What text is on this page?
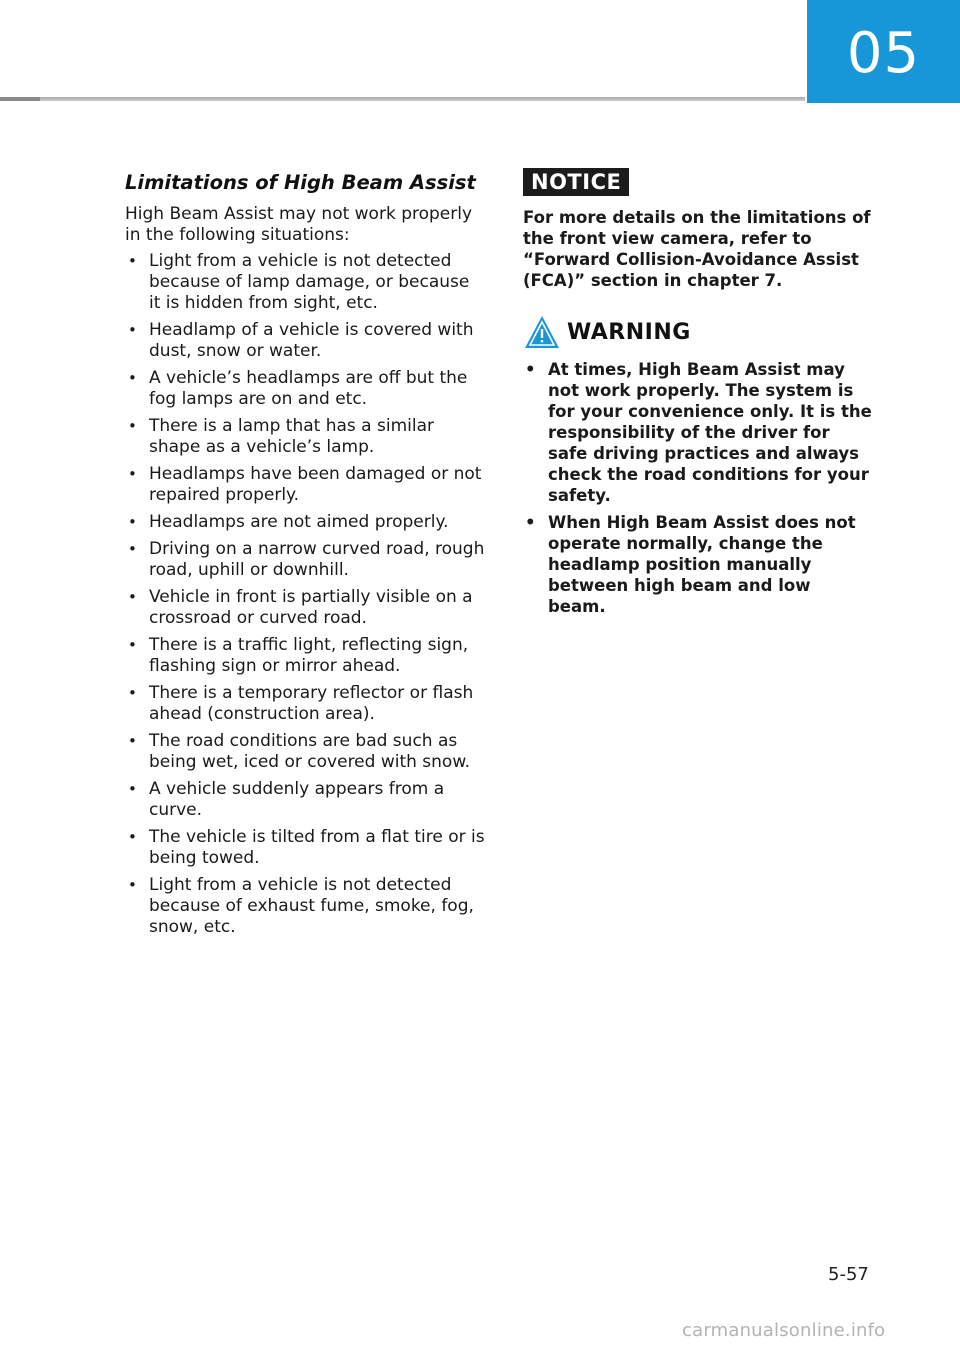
05
Limitations of High Beam Assist

High Beam Assist may not work properly in the following situations:

• Light from a vehicle is not detected because of lamp damage, or because it is hidden from sight, etc.
• Headlamp of a vehicle is covered with dust, snow or water.
• A vehicle’s headlamps are off but the fog lamps are on and etc.
• There is a lamp that has a similar shape as a vehicle’s lamp.
• Headlamps have been damaged or not repaired properly.
• Headlamps are not aimed properly.
• Driving on a narrow curved road, rough road, uphill or downhill.
• Vehicle in front is partially visible on a crossroad or curved road.
• There is a traffic light, reflecting sign, flashing sign or mirror ahead.
• There is a temporary reflector or flash ahead (construction area).
• The road conditions are bad such as being wet, iced or covered with snow.
• A vehicle suddenly appears from a curve.
• The vehicle is tilted from a flat tire or is being towed.
• Light from a vehicle is not detected because of exhaust fume, smoke, fog, snow, etc.
NOTICE

For more details on the limitations of the front view camera, refer to “Forward Collision-Avoidance Assist (FCA)” section in chapter 7.

WARNING
• At times, High Beam Assist may not work properly. The system is for your convenience only. It is the responsibility of the driver for safe driving practices and always check the road conditions for your safety.
• When High Beam Assist does not operate normally, change the headlamp position manually between high beam and low beam.
5-57
carmanualsonline.info
